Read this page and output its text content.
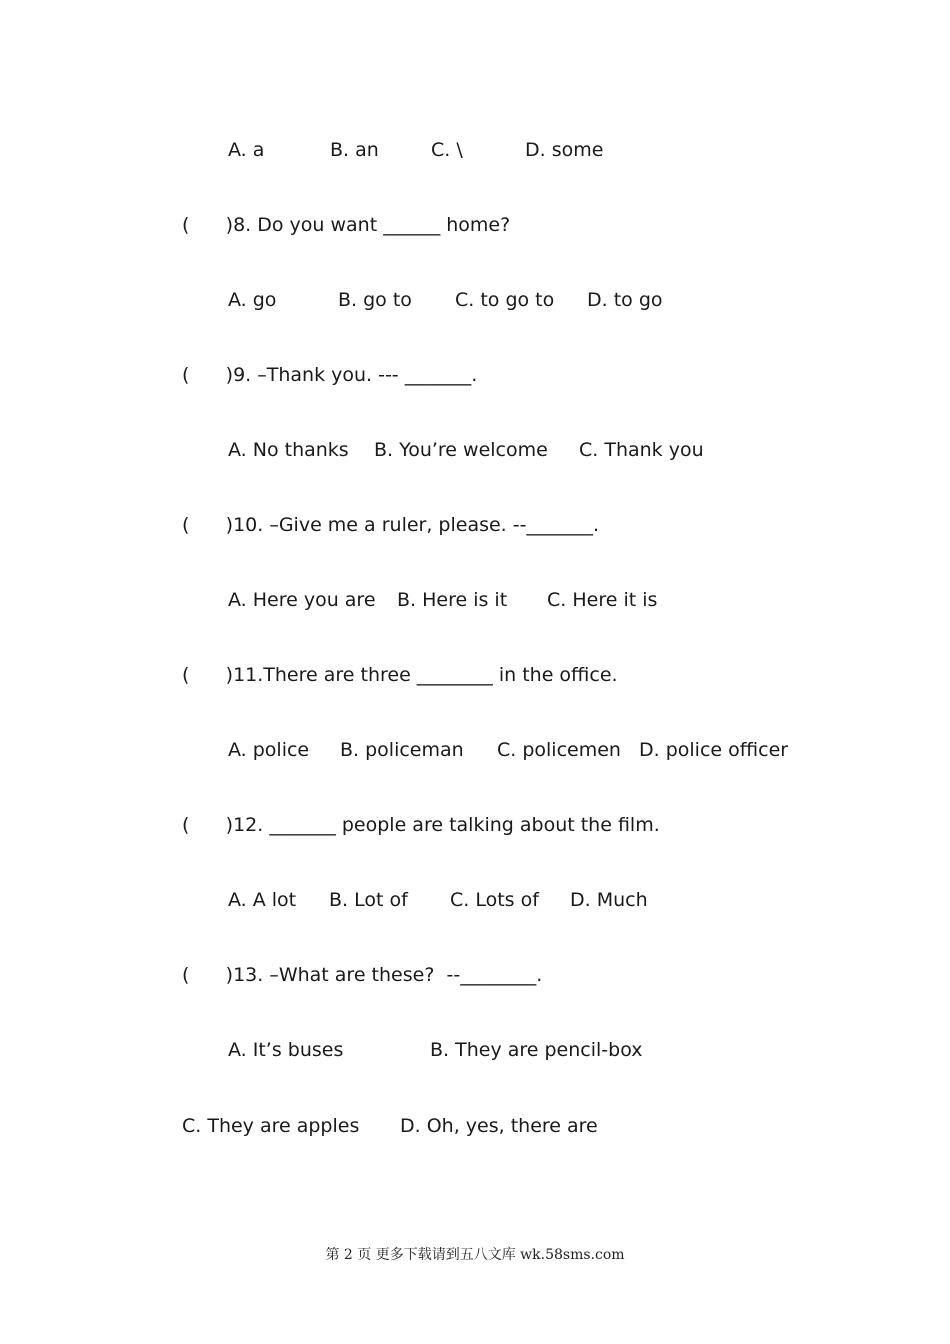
A. a

	B. an

	C. \

	D. some

(      )8. Do you want ______ home?

A. go

	B. go to

C. to go to

D. to go

(      )9. –Thank you. --- _______.

A. No thanks

B. You’re welcome

C. Thank you

(      )10. –Give me a ruler, please. --_______.

A. Here you are

B. Here is it

C. Here it is

(      )11.There are three ________ in the office.

A. police

B. policeman

C. policemen

D. police officer

(      )12. _______ people are talking about the film.

A. A lot

B. Lot of

C. Lots of

D. Much

(      )13. –What are these?  --________.

A. It’s buses

	B. They are pencil-box

C. They are apples

D. Oh, yes, there are

第 2 页 更多下载请到五八文库 wk.58sms.com
